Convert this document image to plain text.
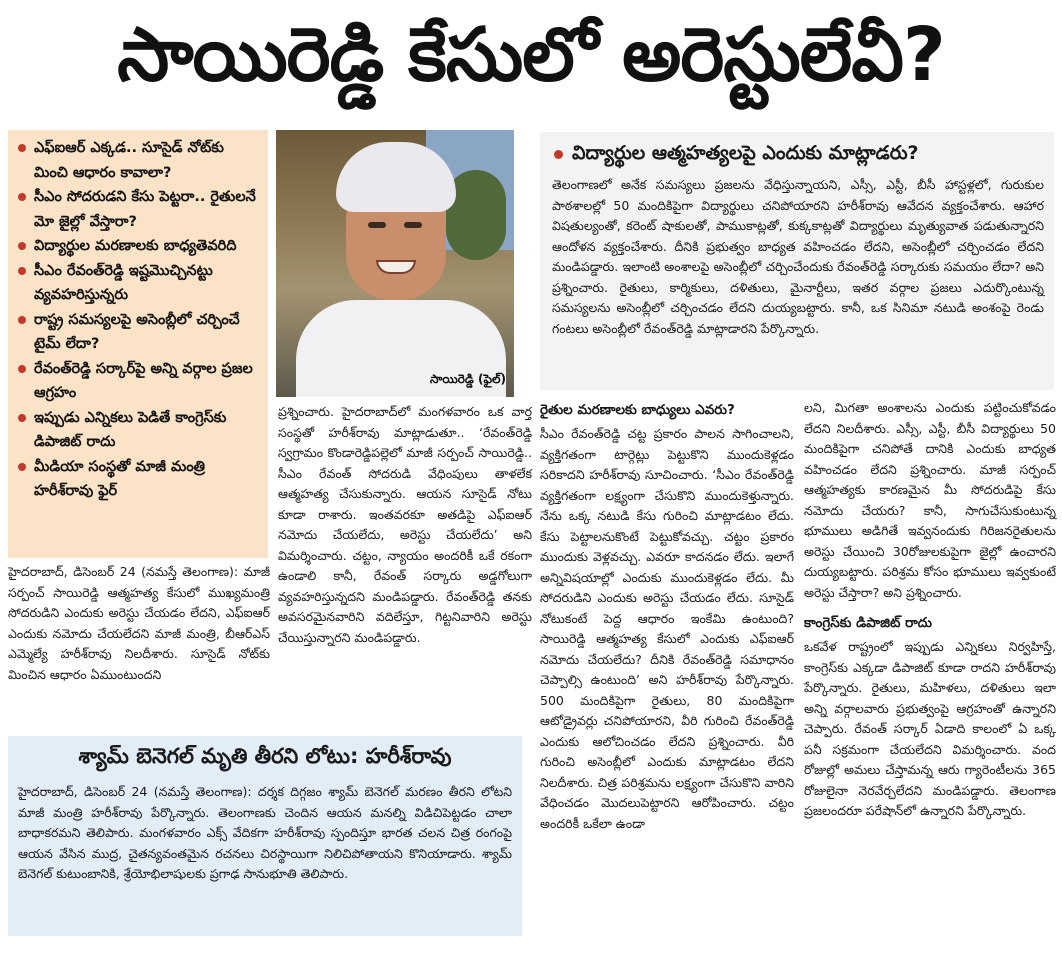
సాయిరెడ్డి కేసులో అరెస్టులేవీ?
ఎఫ్ఐఆర్ ఎక్కడ.. సూసైడ్ నోట్‌కు మించి ఆధారం కావాలా?
సీఎం సోదరుడని కేసు పెట్టరా.. రైతులనే మో జైల్లో వేస్తారా?
విద్యార్థుల మరణాలకు బాధ్యతెవరిది
సీఎం రేవంత్‌రెడ్డి ఇష్టమొచ్చినట్టు వ్యవహరిస్తున్నరు
రాష్ట్ర సమస్యలపై అసెంబ్లీలో చర్చించే టైమ్ లేదా?
రేవంత్‌రెడ్డి సర్కార్‌పై అన్ని వర్గాల ప్రజల ఆగ్రహం
ఇప్పుడు ఎన్నికలు పెడితే కాంగ్రెస్‌కు డిపాజిట్ రాదు
మీడియా సంస్థతో మాజీ మంత్రి హరీశ్‌రావు ఫైర్
సాయిరెడ్డి (ఫైల్)
విద్యార్థుల ఆత్మహత్యలపై ఎందుకు మాట్లాడరు?

తెలంగాణలో అనేక సమస్యలు ప్రజలను వేధిస్తున్నాయని, ఎస్సీ, ఎస్టీ, బీసీ హాస్టళ్లలో, గురుకుల పాఠశాలల్లో 50 మందికిపైగా విద్యార్థులు చనిపోయారని హరీశ్‌రావు ఆవేదన వ్యక్తంచేశారు. ఆహార విషతుల్యంతో, కరెంట్ షాకులతో, పాముకాట్లతో, కుక్కకాట్లతో విద్యార్థులు మృత్యువాత పడుతున్నారని ఆందోళన వ్యక్తంచేశారు. దీనికి ప్రభుత్వం బాధ్యత వహించడం లేదని, అసెంబ్లీలో చర్చించడం లేదని మండిపడ్డారు. ఇలాంటి అంశాలపై అసెంబ్లీలో చర్చించేందుకు రేవంత్‌రెడ్డి సర్కారుకు సమయం లేదా? అని ప్రశ్నించారు. రైతులు, కార్మికులు, దళితులు, మైనార్టీలు, ఇతర వర్గాల ప్రజలు ఎదుర్కొంటున్న సమస్యలను అసెంబ్లీలో చర్చించడం లేదని దుయ్యబట్టారు. కానీ, ఒక సినిమా నటుడి అంశంపై రెండు గంటలు అసెంబ్లీలో రేవంత్‌రెడ్డి మాట్లాడారని పేర్కొన్నారు.

హైదరాబాద్, డిసెంబర్ 24 (నమస్తే తెలంగాణ): మాజీ సర్పంచ్ సాయిరెడ్డి ఆత్మహత్య కేసులో ముఖ్యమంత్రి సోదరుడిని ఎందుకు అరెస్టు చేయడం లేదని, ఎఫ్ఐఆర్ ఎందుకు నమోదు చేయలేదని మాజీ మంత్రి, బీఆర్ఎస్ ఎమ్మెల్యే హరీశ్‌రావు నిలదీశారు. సూసైడ్ నోట్‌కు మించిన ఆధారం ఏముంటుందని
ప్రశ్నించారు. హైదరాబాద్‌లో మంగళవారం ఒక వార్త సంస్థతో హరీశ్‌రావు మాట్లాడుతూ.. ‘రేవంత్‌రెడ్డి స్వగ్రామం కొండారెడ్డిపల్లెలో మాజీ సర్పంచ్ సాయిరెడ్డి.. సీఎం రేవంత్ సోదరుడి వేధింపులు తాళలేక ఆత్మహత్య చేసుకున్నారు. ఆయన సూసైడ్ నోటు కూడా రాశారు. ఇంతవరకూ అతడిపై ఎఫ్ఐఆర్ నమోదు చేయలేదు, అరెస్టు చేయలేదు’ అని విమర్శించారు. చట్టం, న్యాయం అందరికీ ఒకే రకంగా ఉండాలి కానీ, రేవంత్ సర్కారు అడ్డగోలుగా వ్యవహరిస్తున్నదని మండిపడ్డారు. రేవంత్‌రెడ్డి తనకు అవసరమైనవారిని వదిలేస్తూ, గిట్టనివారిని అరెస్టు చేయిస్తున్నారని మండిపడ్డారు.
శ్యామ్ బెనెగల్ మృతి తీరని లోటు: హరీశ్‌రావు

హైదరాబాద్, డిసెంబర్ 24 (నమస్తే తెలంగాణ): దర్శక దిగ్గజం శ్యామ్ బెనెగల్ మరణం తీరని లోటని మాజీ మంత్రి హరీశ్‌రావు పేర్కొన్నారు. తెలంగాణకు చెందిన ఆయన మనల్ని విడిచిపెట్టడం చాలా బాధాకరమని తెలిపారు. మంగళవారం ఎక్స్ వేదికగా హరీశ్‌రావు స్పందిస్తూ భారత చలన చిత్ర రంగంపై ఆయన వేసిన ముద్ర, చైతన్యవంతమైన రచనలు చిరస్థాయిగా నిలిచిపోతాయని కొనియాడారు. శ్యామ్ బెనెగల్ కుటుంబానికి, శ్రేయోభిలాషులకు ప్రగాఢ సానుభూతి తెలిపారు.

రైతుల మరణాలకు బాధ్యులు ఎవరు?
సీఎం రేవంత్‌రెడ్డి చట్ట ప్రకారం పాలన సాగించాలని, వ్యక్తిగతంగా టార్గెట్లు పెట్టుకొని ముందుకెళ్లడం సరికాదని హరీశ్‌రావు సూచించారు. ‘సీఎం రేవంత్‌రెడ్డి వ్యక్తిగతంగా లక్ష్యంగా చేసుకొని ముందుకెళ్తున్నారు. నేను ఒక్క నటుడి కేసు గురించి మాట్లాడటం లేదు. కేసు పెట్టాలనుకొంటే పెట్టుకోవచ్చు. చట్టం ప్రకారం ముందుకు వెళ్లవచ్చు. ఎవరూ కాదనడం లేదు. ఇలాగే అన్నివిషయాల్లో ఎందుకు ముందుకెళ్లడం లేదు. మీ సోదరుడిని ఎందుకు అరెస్టు చేయడం లేదు. సూసైడ్ నోటుకంటే పెద్ద ఆధారం ఇంకేమి ఉంటుంది? సాయిరెడ్డి ఆత్మహత్య కేసులో ఎందుకు ఎఫ్ఐఆర్ నమోదు చేయలేదు? దీనికి రేవంత్‌రెడ్డి సమాధానం చెప్పాల్సి ఉంటుంది’ అని హరీశ్‌రావు పేర్కొన్నారు. 500 మందికిపైగా రైతులు, 80 మందికిపైగా ఆటోడ్రైవర్లు చనిపోయారని, వీరి గురించి రేవంత్‌రెడ్డి ఎందుకు ఆలోచించడం లేదని ప్రశ్నించారు. వీరి గురించి అసెంబ్లీలో ఎందుకు మాట్లాడటం లేదని నిలదీశారు. చిత్ర పరిశ్రమను లక్ష్యంగా చేసుకొని వారిని వేధించడం మొదలుపెట్టారని ఆరోపించారు. చట్టం అందరికీ ఒకేలా ఉండా
లని, మిగతా అంశాలను ఎందుకు పట్టించుకోవడం లేదని నిలదీశారు. ఎస్సీ, ఎస్టీ, బీసీ విద్యార్థులు 50 మందికిపైగా చనిపోతే దానికి ఎందుకు బాధ్యత వహించడం లేదని ప్రశ్నించారు. మాజీ సర్పంచ్ ఆత్మహత్యకు కారణమైన మీ సోదరుడిపై కేసు నమోదు చేయరు? కానీ, సాగుచేసుకుంటున్న భూములు అడిగితే ఇవ్వనందుకు గిరిజనరైతులను అరెస్టు చేయించి 30రోజులకుపైగా జైల్లో ఉంచారని దుయ్యబట్టారు. పరిశ్రమ కోసం భూములు ఇవ్వకుంటే అరెస్టు చేస్తారా? అని ప్రశ్నించారు.
కాంగ్రెస్‌కు డిపాజిట్ రాదు
ఒకవేళ రాష్ట్రంలో ఇప్పుడు ఎన్నికలు నిర్వహిస్తే, కాంగ్రెస్‌కు ఎక్కడా డిపాజిట్ కూడా రాదని హరీశ్‌రావు పేర్కొన్నారు. రైతులు, మహిళలు, దళితులు ఇలా అన్ని వర్గాలవారు ప్రభుత్వంపై ఆగ్రహంతో ఉన్నారని చెప్పారు. రేవంత్ సర్కార్ ఏడాది కాలంలో ఏ ఒక్క పనీ సక్రమంగా చేయలేదని విమర్శించారు. వంద రోజుల్లో అమలు చేస్తామన్న ఆరు గ్యారెంటీలను 365 రోజులైనా నెరవేర్చలేదని మండిపడ్డారు. తెలంగాణ ప్రజలందరూ పరేషాన్‌లో ఉన్నారని పేర్కొన్నారు.
